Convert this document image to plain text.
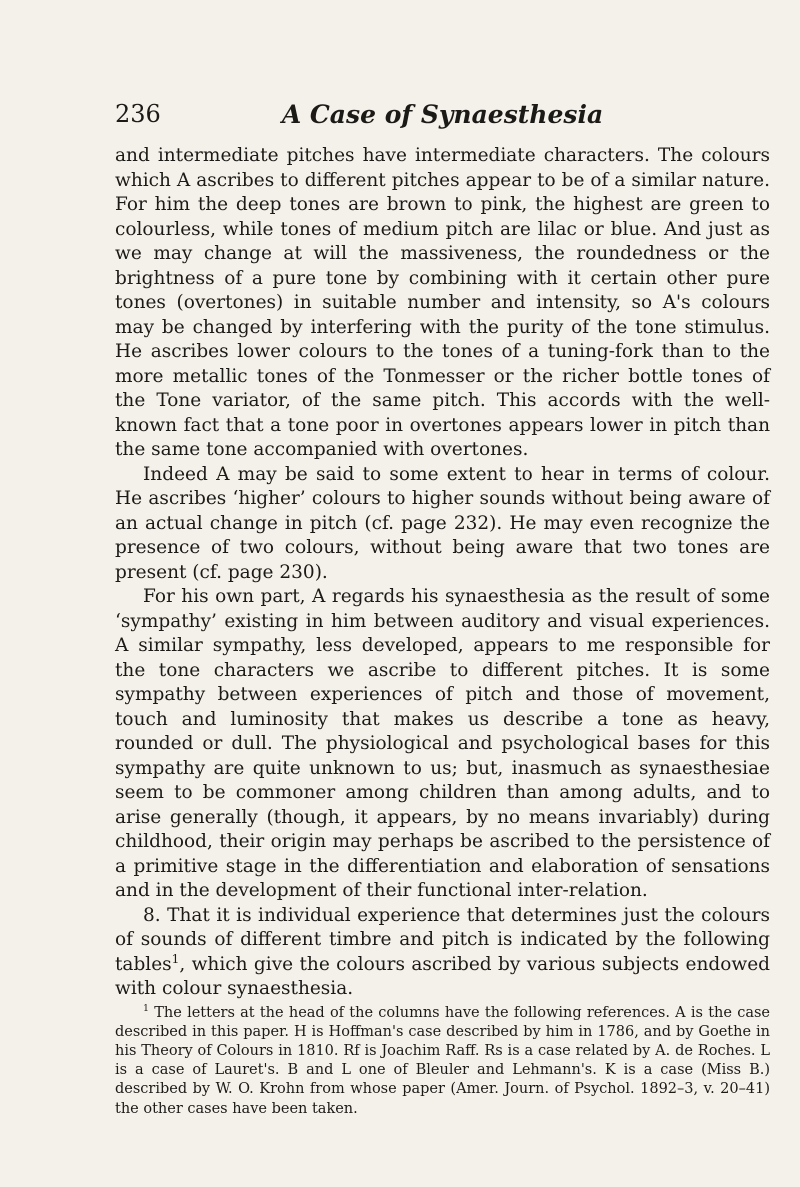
236	A Case of Synaesthesia

and intermediate pitches have intermediate characters. The colours which A ascribes to different pitches appear to be of a similar nature. For him the deep tones are brown to pink, the highest are green to colourless, while tones of medium pitch are lilac or blue. And just as we may change at will the massiveness, the roundedness or the brightness of a pure tone by combining with it certain other pure tones (overtones) in suitable number and intensity, so A's colours may be changed by interfering with the purity of the tone stimulus. He ascribes lower colours to the tones of a tuning-fork than to the more metallic tones of the Tonmesser or the richer bottle tones of the Tone variator, of the same pitch. This accords with the well-known fact that a tone poor in overtones appears lower in pitch than the same tone accompanied with overtones.

Indeed A may be said to some extent to hear in terms of colour. He ascribes ‘higher’ colours to higher sounds without being aware of an actual change in pitch (cf. page 232). He may even recognize the presence of two colours, without being aware that two tones are present (cf. page 230).

For his own part, A regards his synaesthesia as the result of some ‘sympathy’ existing in him between auditory and visual experiences. A similar sympathy, less developed, appears to me responsible for the tone characters we ascribe to different pitches. It is some sympathy between experiences of pitch and those of movement, touch and luminosity that makes us describe a tone as heavy, rounded or dull. The physiological and psychological bases for this sympathy are quite unknown to us; but, inasmuch as synaesthesiae seem to be commoner among children than among adults, and to arise generally (though, it appears, by no means invariably) during childhood, their origin may perhaps be ascribed to the persistence of a primitive stage in the differentiation and elaboration of sensations and in the development of their functional inter-relation.

8. That it is individual experience that determines just the colours of sounds of different timbre and pitch is indicated by the following tables$^1$, which give the colours ascribed by various subjects endowed with colour synaesthesia.

$^1$ The letters at the head of the columns have the following references. A is the case described in this paper. H is Hoffman's case described by him in 1786, and by Goethe in his Theory of Colours in 1810. Rf is Joachim Raff. Rs is a case related by A. de Roches. L is a case of Lauret's. B and L one of Bleuler and Lehmann's. K is a case (Miss B.) described by W. O. Krohn from whose paper (Amer. Journ. of Psychol. 1892–3, v. 20–41) the other cases have been taken.
